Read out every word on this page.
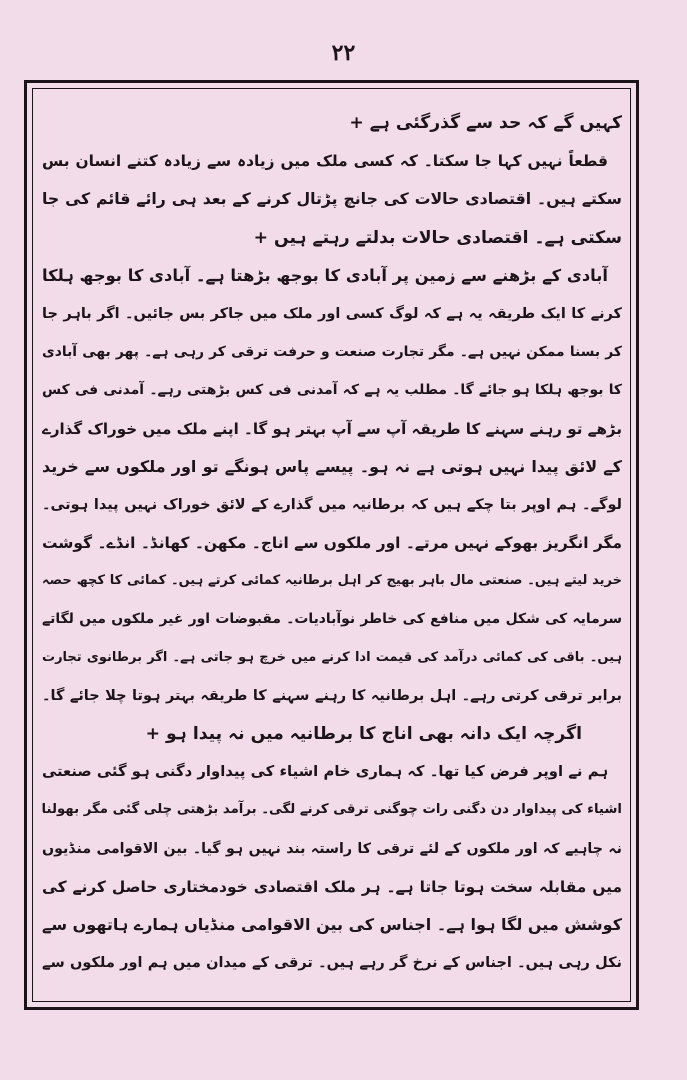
۲۲
کہیں گے کہ حد سے گذرگئی ہے +
قطعاً نہیں کہا جا سکتا۔ کہ کسی ملک میں زیادہ سے زیادہ کتنے انسان بس
سکتے ہیں۔ اقتصادی حالات کی جانچ پڑتال کرنے کے بعد ہی رائے قائم کی جا
سکتی ہے۔ اقتصادی حالات بدلتے رہتے ہیں +
آبادی کے بڑھنے سے زمین پر آبادی کا بوجھ بڑھتا ہے۔ آبادی کا بوجھ ہلکا
کرنے کا ایک طریقہ یہ ہے کہ لوگ کسی اور ملک میں جاکر بس جائیں۔ اگر باہر جا
کر بسنا ممکن نہیں ہے۔ مگر تجارت صنعت و حرفت ترقی کر رہی ہے۔ پھر بھی آبادی
کا بوجھ ہلکا ہو جائے گا۔ مطلب یہ ہے کہ آمدنی فی کس بڑھتی رہے۔ آمدنی فی کس
بڑھے تو رہنے سہنے کا طریقہ آپ سے آپ بہتر ہو گا۔ اپنے ملک میں خوراک گذارے
کے لائق پیدا نہیں ہوتی ہے نہ ہو۔ پیسے پاس ہونگے تو اور ملکوں سے خرید
لوگے۔ ہم اوپر بتا چکے ہیں کہ برطانیہ میں گذارے کے لائق خوراک نہیں پیدا ہوتی۔
مگر انگریز بھوکے نہیں مرتے۔ اور ملکوں سے اناج۔ مکھن۔ کھانڈ۔ انڈے۔ گوشت
خرید لیتے ہیں۔ صنعتی مال باہر بھیج کر اہل برطانیہ کمائی کرتے ہیں۔ کمائی کا کچھ حصہ
سرمایہ کی شکل میں منافع کی خاطر نوآبادیات۔ مقبوضات اور غیر ملکوں میں لگاتے
ہیں۔ باقی کی کمائی درآمد کی قیمت ادا کرنے میں خرچ ہو جاتی ہے۔ اگر برطانوی تجارت
برابر ترقی کرتی رہے۔ اہل برطانیہ کا رہنے سہنے کا طریقہ بہتر ہوتا چلا جائے گا۔
اگرچہ ایک دانہ بھی اناج کا برطانیہ میں نہ پیدا ہو +
ہم نے اوپر فرض کیا تھا۔ کہ ہماری خام اشیاء کی پیداوار دگنی ہو گئی صنعتی
اشیاء کی پیداوار دن دگنی رات چوگنی ترقی کرنے لگی۔ برآمد بڑھتی چلی گئی مگر بھولنا
نہ چاہیے کہ اور ملکوں کے لئے ترقی کا راستہ بند نہیں ہو گیا۔ بین الاقوامی منڈیوں
میں مقابلہ سخت ہوتا جاتا ہے۔ ہر ملک اقتصادی خودمختاری حاصل کرنے کی
کوشش میں لگا ہوا ہے۔ اجناس کی بین الاقوامی منڈیاں ہمارے ہاتھوں سے
نکل رہی ہیں۔ اجناس کے نرخ گر رہے ہیں۔ ترقی کے میدان میں ہم اور ملکوں سے
